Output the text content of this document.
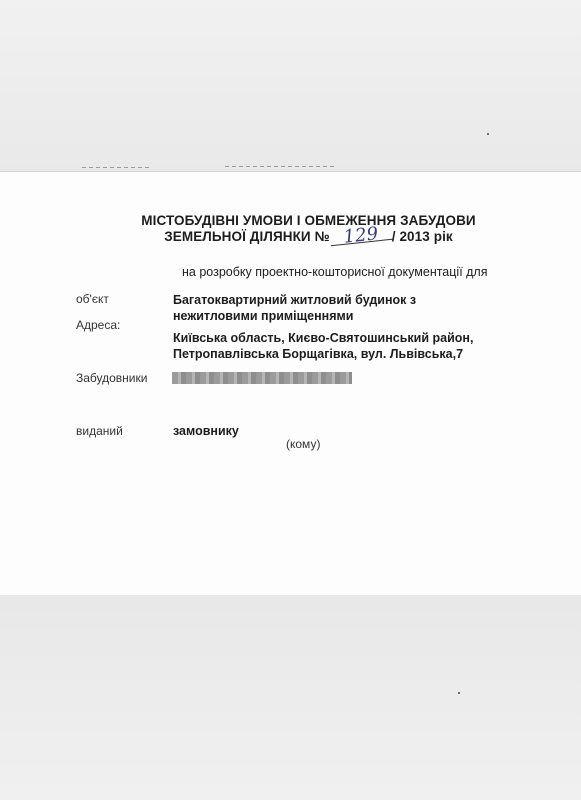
МІСТОБУДІВНІ УМОВИ І ОБМЕЖЕННЯ ЗАБУДОВИ
ЗЕМЕЛЬНОЇ ДІЛЯНКИ № 129 / 2013 рік
на розробку проектно-кошторисної документації для
об'єкт	Багатоквартирний житловий будинок з
нежитловими приміщеннями
Адреса:
Київська область, Києво-Святошинський район,
Петропавлівська Борщагівка, вул. Львівська,7
Забудовники
виданий	замовнику
(кому)
